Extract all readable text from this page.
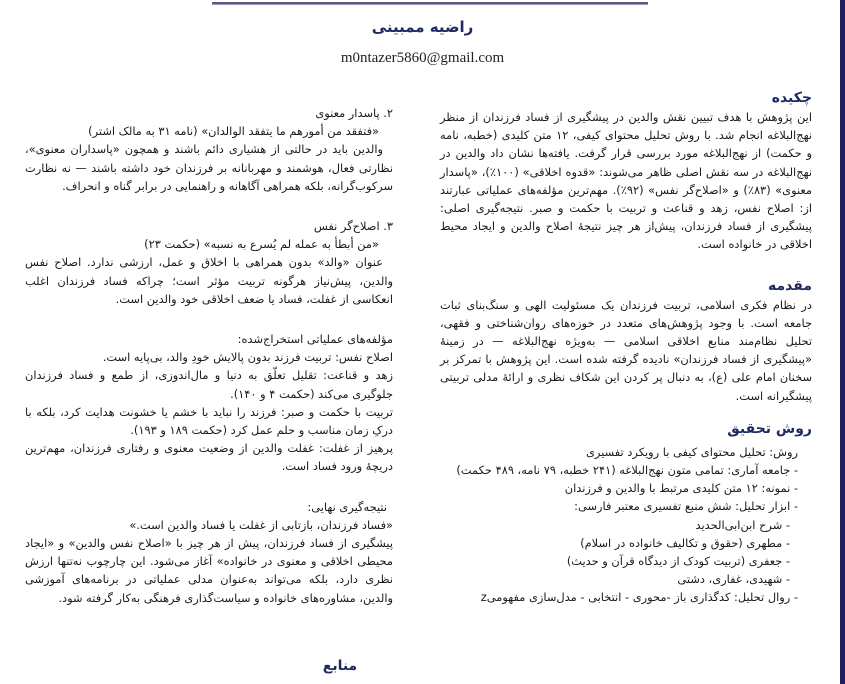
راضیه ممبینی
m0ntazer5860@gmail.com
چکیده

این پژوهش با هدف تبیین نقش والدین در پیشگیری از فساد فرزندان از منظر نهج‌البلاغه انجام شد. با روش تحلیل محتوای کیفی، ۱۲ متن کلیدی (خطبه، نامه و حکمت) از نهج‌البلاغه مورد بررسی قرار گرفت. یافته‌ها نشان داد والدین در نهج‌البلاغه در سه نقش اصلی ظاهر می‌شوند: «قدوه اخلاقی» (۱۰۰٪)، «پاسدار معنوی» (۸۳٪) و «اصلاح‌گر نفس» (۹۲٪). مهم‌ترین مؤلفه‌های عملیاتی عبارتند از: اصلاح نفس، زهد و قناعت و تربیت با حکمت و صبر. نتیجه‌گیری اصلی: پیشگیری از فساد فرزندان، پیش‌از هر چیز نتیجه‌ٔ اصلاح والدین و ایجاد محیط اخلاقی در خانواده است.

مقدمه

در نظام فکری اسلامی، تربیت فرزندان یک مسئولیت الهی و سنگ‌بنای ثبات جامعه است. با وجود پژوهش‌های متعدد در حوزه‌های روان‌شناختی و فقهی، تحلیل نظام‌مند منابع اخلاقی اسلامی — به‌ویژه نهج‌البلاغه — در زمینه‌ٔ «پیشگیری از فساد فرزندان» نادیده گرفته شده است. این پژوهش با تمرکز بر سخنان امام علی (ع)، به دنبال پر کردن این شکاف نظری و ارائه‌ٔ مدلی تربیتی پیشگیرانه است.

روش تحقیق

روش: تحلیل محتوای کیفی با رویکرد تفسیری

- جامعه آماری: تمامی متون نهج‌البلاغه (۲۴۱ خطبه، ۷۹ نامه، ۴۸۹ حکمت)

- نمونه: ۱۲ متن کلیدی مرتبط با والدین و فرزندان

- ابزار تحلیل: شش منبع تفسیری معتبر فارسی:

- شرح ابن‌ابی‌الحدید

- مطهری (حقوق و تکالیف خانواده در اسلام)

- جعفری (تربیت کودک از دیدگاه قرآن و حدیث)

- شهیدی، غفاری، دشتی

- روال تحلیل: کدگذاری باز -محوری - انتخابی - مدل‌سازی مفهومیz

۲. پاسدار معنوی

«فتفقد من أمورهم ما یتفقد الوالدان» (نامه ۳۱ به مالک اشتر)

والدین باید در حالتی از هشیاری دائم باشند و همچون «پاسداران معنوی»، نظارتی فعال، هوشمند و مهربانانه بر فرزندان خود داشته باشند — نه نظارت سرکوب‌گرانه، بلکه همراهی آگاهانه و راهنمایی در برابر گناه و انحراف.

۳. اصلاح‌گر نفس

«من أبطأ به عمله لم یُسرع به نسبه» (حکمت ۲۳)

عنوان «والد» بدون همراهی با اخلاق و عمل، ارزشی ندارد. اصلاح نفس والدین، پیش‌نیاز هرگونه تربیت مؤثر است؛ چراکه فساد فرزندان اغلب انعکاسی از غفلت، فساد یا ضعف اخلاقی خود والدین است.

مؤلفه‌های عملیاتی استخراج‌شده:

اصلاح نفس: تربیت فرزند بدون پالایش خودِ والد، بی‌پایه است.

زهد و قناعت: تقلیل تعلّق به دنیا و مال‌اندوزی، از طمع و فساد فرزندان جلوگیری می‌کند (حکمت ۴ و ۱۴۰).

تربیت با حکمت و صبر: فرزند را نباید با خشم یا خشونت هدایت کرد، بلکه با درکِ زمان مناسب و حلم عمل کرد (حکمت ۱۸۹ و ۱۹۳).

پرهیز از غفلت: غفلت والدین از وضعیت معنوی و رفتاری فرزندان، مهم‌ترین دریچه‌ٔ ورود فساد است.

نتیجه‌گیری نهایی:

«فساد فرزندان، بازتابی از غفلت یا فساد والدین است.»

پیشگیری از فساد فرزندان، پیش از هر چیز با «اصلاح نفس والدین» و «ایجاد محیطی اخلاقی و معنوی در خانواده» آغاز می‌شود. این چارچوب نه‌تنها ارزش نظری دارد، بلکه می‌تواند به‌عنوان مدلی عملیاتی در برنامه‌های آموزشی والدین، مشاوره‌های خانواده و سیاست‌گذاری فرهنگی به‌کار گرفته شود.

منابع
